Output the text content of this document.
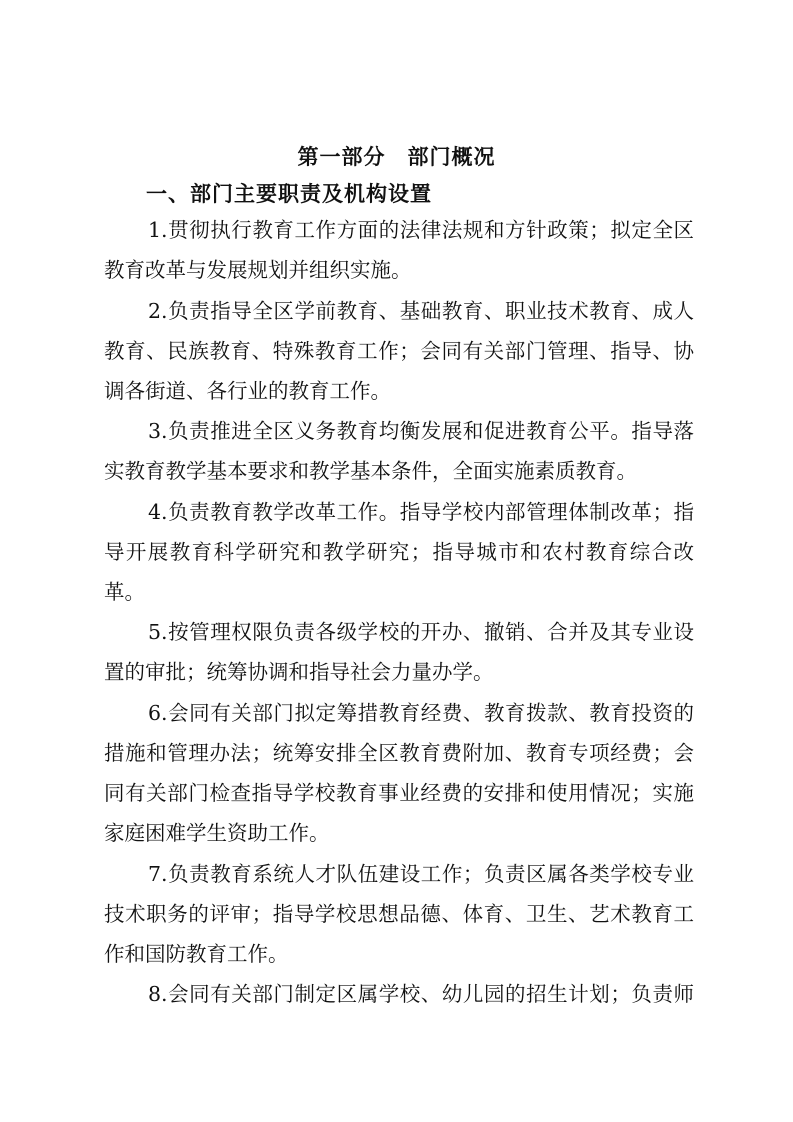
第一部分　部门概况
一、部门主要职责及机构设置

1.贯彻执行教育工作方面的法律法规和方针政策；拟定全区

教育改革与发展规划并组织实施。

2.负责指导全区学前教育、基础教育、职业技术教育、成人

教育、民族教育、特殊教育工作；会同有关部门管理、指导、协

调各街道、各行业的教育工作。

3.负责推进全区义务教育均衡发展和促进教育公平。指导落

实教育教学基本要求和教学基本条件，全面实施素质教育。

4.负责教育教学改革工作。指导学校内部管理体制改革；指

导开展教育科学研究和教学研究；指导城市和农村教育综合改

革。

5.按管理权限负责各级学校的开办、撤销、合并及其专业设

置的审批；统筹协调和指导社会力量办学。

6.会同有关部门拟定筹措教育经费、教育拨款、教育投资的

措施和管理办法；统筹安排全区教育费附加、教育专项经费；会

同有关部门检查指导学校教育事业经费的安排和使用情况；实施

家庭困难学生资助工作。

7.负责教育系统人才队伍建设工作；负责区属各类学校专业

技术职务的评审；指导学校思想品德、体育、卫生、艺术教育工

作和国防教育工作。

8.会同有关部门制定区属学校、幼儿园的招生计划；负责师
